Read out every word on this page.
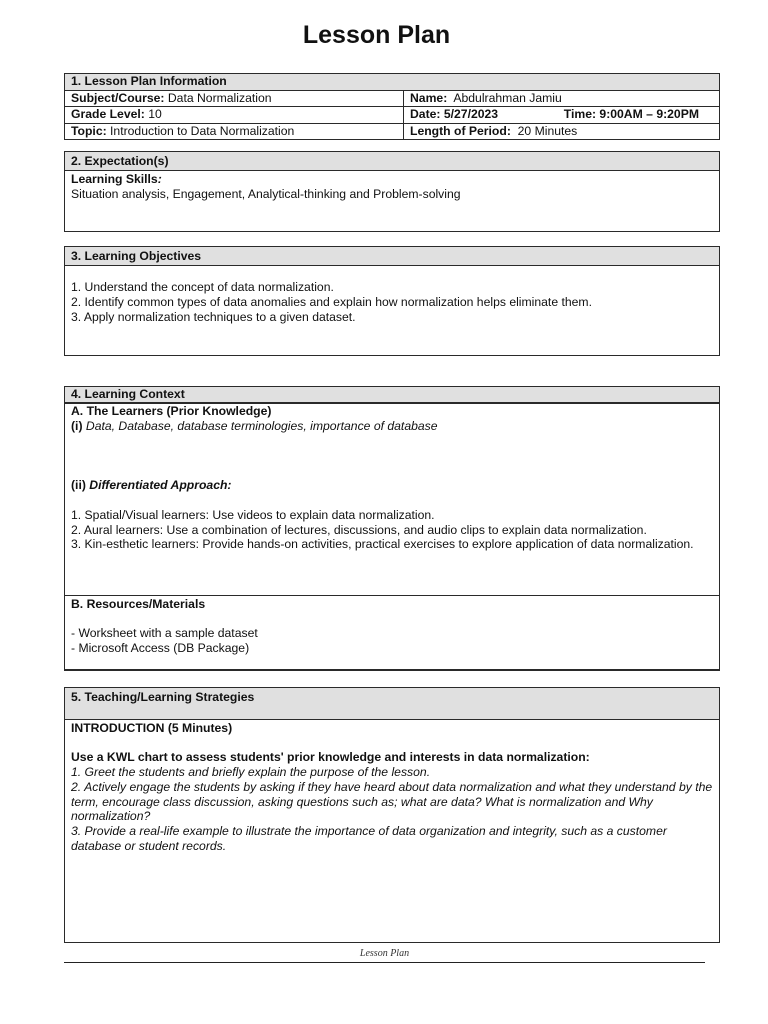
Lesson Plan
1. Lesson Plan Information
Subject/Course: Data Normalization	Name: Abdulrahman Jamiu
Grade Level: 10	Date: 5/27/2023	Time: 9:00AM – 9:20PM
Topic: Introduction to Data Normalization	Length of Period: 20 Minutes
2. Expectation(s)

Learning Skills:

Situation analysis, Engagement, Analytical-thinking and Problem-solving

3. Learning Objectives

1. Understand the concept of data normalization.

2. Identify common types of data anomalies and explain how normalization helps eliminate them.

3. Apply normalization techniques to a given dataset.

4. Learning Context

A. The Learners (Prior Knowledge)

(i) Data, Database, database terminologies, importance of database

(ii) Differentiated Approach:

1. Spatial/Visual learners: Use videos to explain data normalization.

2. Aural learners: Use a combination of lectures, discussions, and audio clips to explain data normalization.

3. Kin-esthetic learners: Provide hands-on activities, practical exercises to explore application of data normalization.

B. Resources/Materials

- Worksheet with a sample dataset

- Microsoft Access (DB Package)

5. Teaching/Learning Strategies

INTRODUCTION (5 Minutes)

Use a KWL chart to assess students' prior knowledge and interests in data normalization:

1. Greet the students and briefly explain the purpose of the lesson.

2. Actively engage the students by asking if they have heard about data normalization and what they understand by the term, encourage class discussion, asking questions such as; what are data? What is normalization and Why normalization?

3. Provide a real-life example to illustrate the importance of data organization and integrity, such as a customer database or student records.

Lesson Plan
